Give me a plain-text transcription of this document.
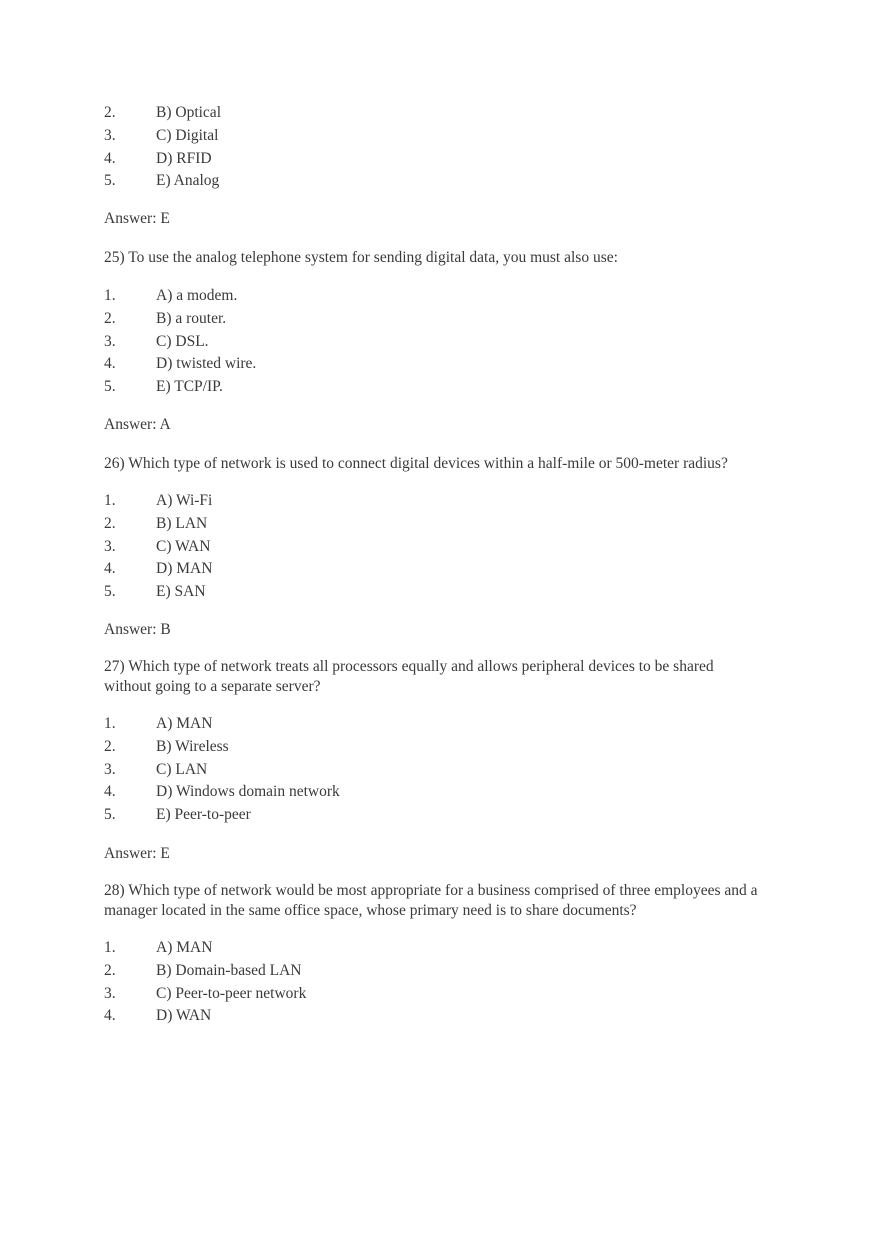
2.	B) Optical
3.	C) Digital
4.	D) RFID
5.	E) Analog
Answer: E
25) To use the analog telephone system for sending digital data, you must also use:
1.	A) a modem.
2.	B) a router.
3.	C) DSL.
4.	D) twisted wire.
5.	E) TCP/IP.
Answer: A
26) Which type of network is used to connect digital devices within a half-mile or 500-meter radius?
1.	A) Wi-Fi
2.	B) LAN
3.	C) WAN
4.	D) MAN
5.	E) SAN
Answer: B
27) Which type of network treats all processors equally and allows peripheral devices to be shared
without going to a separate server?
1.	A) MAN
2.	B) Wireless
3.	C) LAN
4.	D) Windows domain network
5.	E) Peer-to-peer
Answer: E
28) Which type of network would be most appropriate for a business comprised of three employees and a
manager located in the same office space, whose primary need is to share documents?
1.	A) MAN
2.	B) Domain-based LAN
3.	C) Peer-to-peer network
4.	D) WAN
